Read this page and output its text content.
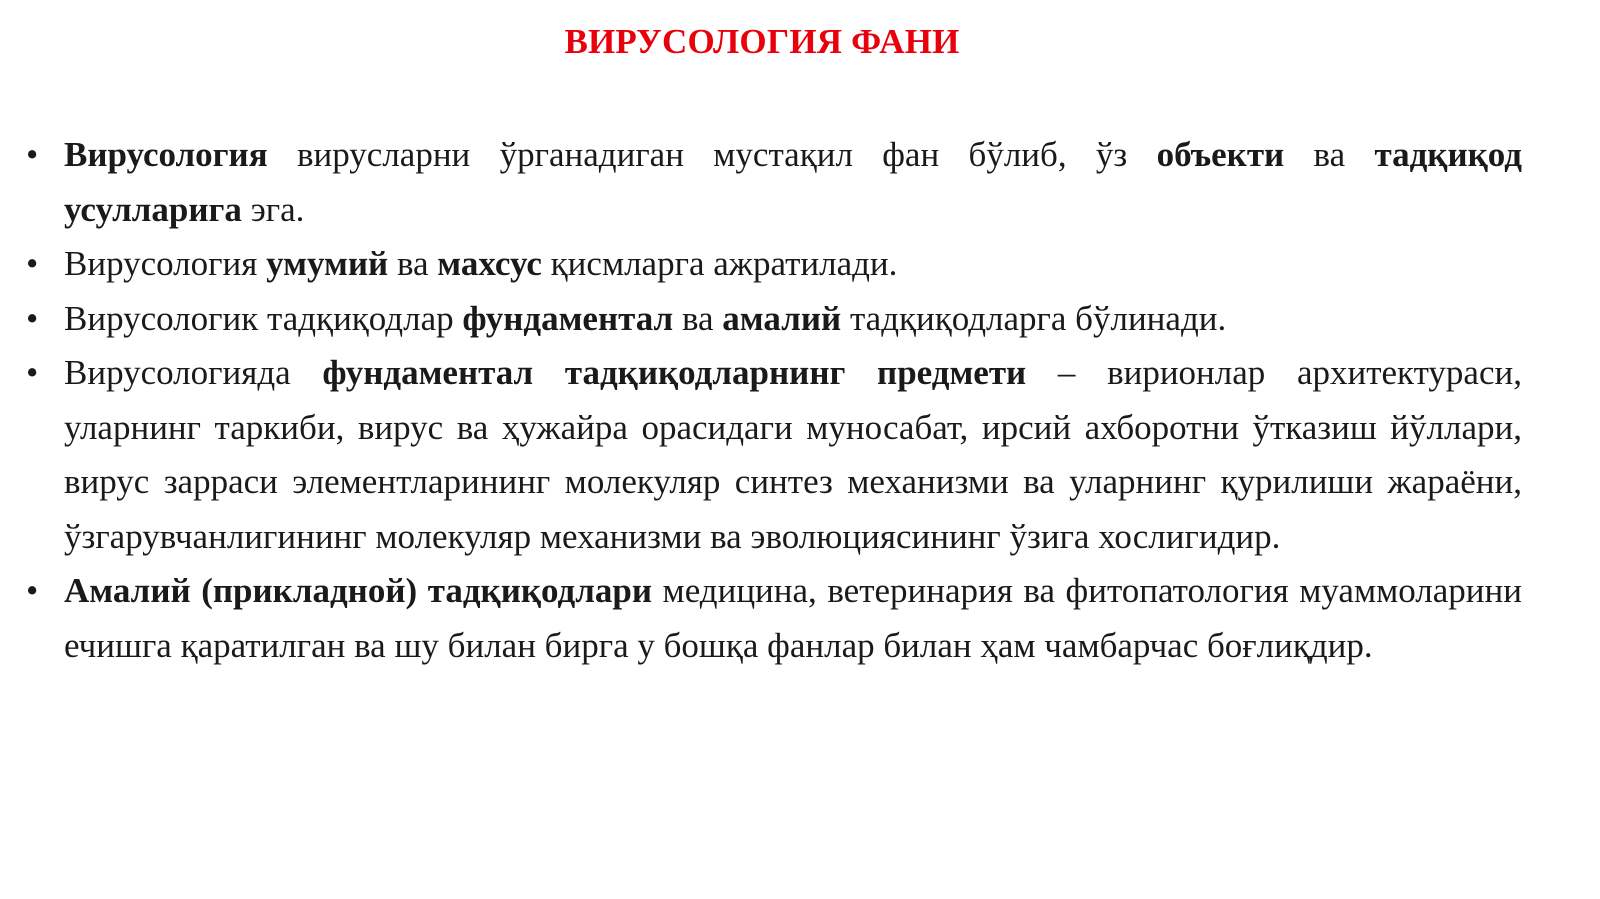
ВИРУСОЛОГИЯ ФАНИ
• Вирусология вирусларни ўрганадиган мустақил фан бўлиб, ўз объекти ва тадқиқод усулларига эга.
• Вирусология умумий ва махсус қисмларга ажратилади.
• Вирусологик тадқиқодлар фундаментал ва амалий тадқиқодларга бўлинади.
• Вирусологияда фундаментал тадқиқодларнинг предмети – вирионлар архитектураси, уларнинг таркиби, вирус ва ҳужайра орасидаги муносабат, ирсий ахборотни ўтказиш йўллари, вирус зарраси элементларининг молекуляр синтез механизми ва уларнинг қурилиши жараёни, ўзгарувчанлигининг молекуляр механизми ва эволюциясининг ўзига хослигидир.
• Амалий (прикладной) тадқиқодлари медицина, ветеринария ва фитопатология муаммоларини ечишга қаратилган ва шу билан бирга у бошқа фанлар билан ҳам чамбарчас боғлиқдир.
